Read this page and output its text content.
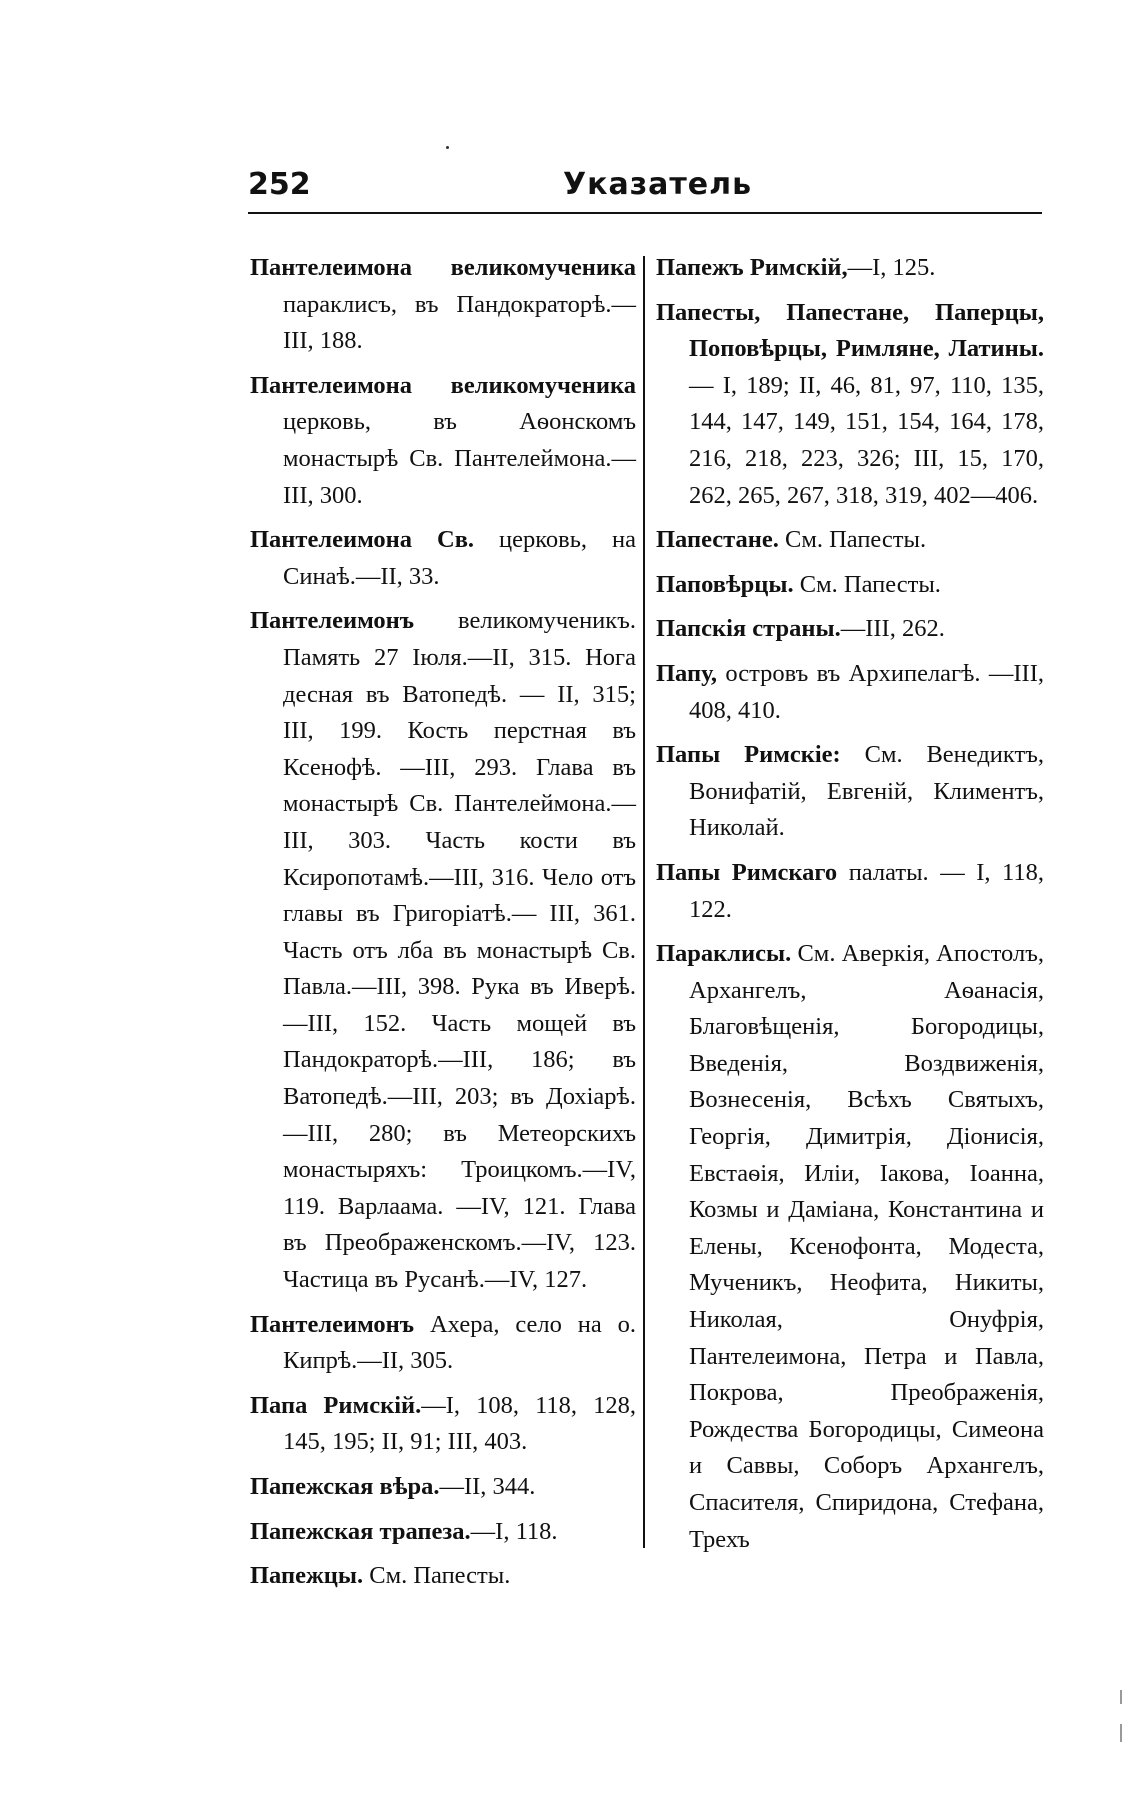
252	Указатель

Пантелеимона великомученика параклисъ, въ Пандократорѣ.—III, 188.

Пантелеимона великомученика церковь, въ Аѳонскомъ монастырѣ Св. Пантелеймона.—III, 300.

Пантелеимона Св. церковь, на Синаѣ.—II, 33.

Пантелеимонъ великомученикъ. Память 27 Іюля.—II, 315. Нога десная въ Ватопедѣ. — II, 315; III, 199. Кость перстная въ Ксенофѣ. —III, 293. Глава въ монастырѣ Св. Пантелеймона.— III, 303. Часть кости въ Ксиропотамѣ.—III, 316. Чело отъ главы въ Григоріатѣ.— III, 361. Часть отъ лба въ монастырѣ Св. Павла.—III, 398. Рука въ Иверѣ.—III, 152. Часть мощей въ Пандократорѣ.—III, 186; въ Ватопедѣ.—III, 203; въ Дохіарѣ.—III, 280; въ Метеорскихъ монастыряхъ: Троицкомъ.—IV, 119. Варлаама. —IV, 121. Глава въ Преображенскомъ.—IV, 123. Частица въ Русанѣ.—IV, 127.

Пантелеимонъ Ахера, село на о. Кипрѣ.—II, 305.

Папа Римскій.—I, 108, 118, 128, 145, 195; II, 91; III, 403.

Папежская вѣра.—II, 344.

Папежская трапеза.—I, 118.

Папежцы. См. Папесты.

Папежъ Римскій,—I, 125.

Папесты, Папестане, Паперцы, Поповѣрцы, Римляне, Латины. — I, 189; II, 46, 81, 97, 110, 135, 144, 147, 149, 151, 154, 164, 178, 216, 218, 223, 326; III, 15, 170, 262, 265, 267, 318, 319, 402—406.

Папестане. См. Папесты.

Паповѣрцы. См. Папесты.

Папскія страны.—III, 262.

Папу, островъ въ Архипелагѣ. —III, 408, 410.

Папы Римскіе: См. Венедиктъ, Вонифатій, Евгеній, Климентъ, Николай.

Папы Римскаго палаты. — I, 118, 122.

Параклисы. См. Аверкія, Апостолъ, Архангелъ, Аѳанасія, Благовѣщенія, Богородицы, Введенія, Воздвиженія, Вознесенія, Всѣхъ Святыхъ, Георгія, Димитрія, Діонисія, Евстаѳія, Иліи, Іакова, Іоанна, Козмы и Даміана, Константина и Елены, Ксенофонта, Модеста, Мученикъ, Неофита, Никиты, Николая, Онуфрія, Пантелеимона, Петра и Павла, Покрова, Преображенія, Рождества Богородицы, Симеона и Саввы, Соборъ Архангелъ, Спасителя, Спиридона, Стефана, Трехъ
